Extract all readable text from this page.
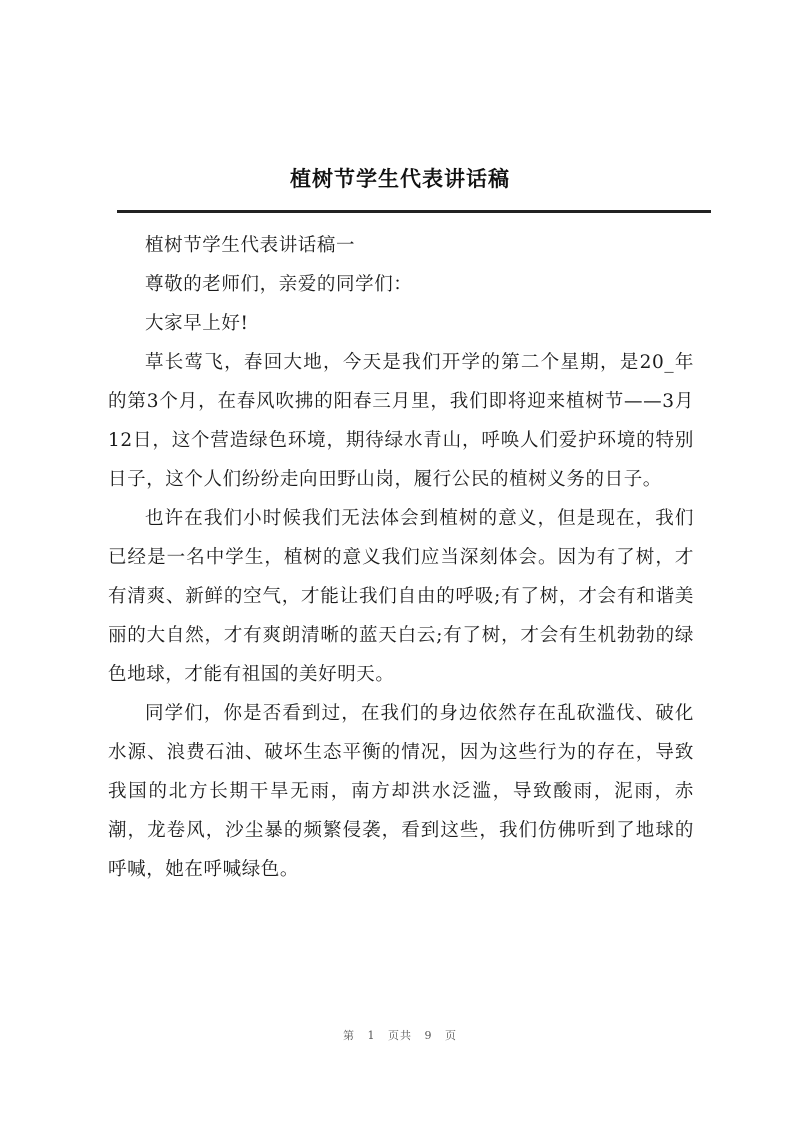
植树节学生代表讲话稿

植树节学生代表讲话稿一

尊敬的老师们，亲爱的同学们：

大家早上好!

草长莺飞，春回大地，今天是我们开学的第二个星期，是20_年的第3个月，在春风吹拂的阳春三月里，我们即将迎来植树节——3月12日，这个营造绿色环境，期待绿水青山，呼唤人们爱护环境的特别日子，这个人们纷纷走向田野山岗，履行公民的植树义务的日子。

也许在我们小时候我们无法体会到植树的意义，但是现在，我们已经是一名中学生，植树的意义我们应当深刻体会。因为有了树，才有清爽、新鲜的空气，才能让我们自由的呼吸;有了树，才会有和谐美丽的大自然，才有爽朗清晰的蓝天白云;有了树，才会有生机勃勃的绿色地球，才能有祖国的美好明天。

同学们，你是否看到过，在我们的身边依然存在乱砍滥伐、破化水源、浪费石油、破坏生态平衡的情况，因为这些行为的存在，导致我国的北方长期干旱无雨，南方却洪水泛滥，导致酸雨，泥雨，赤潮，龙卷风，沙尘暴的频繁侵袭，看到这些，我们仿佛听到了地球的呼喊，她在呼喊绿色。

第 1 页共 9 页
